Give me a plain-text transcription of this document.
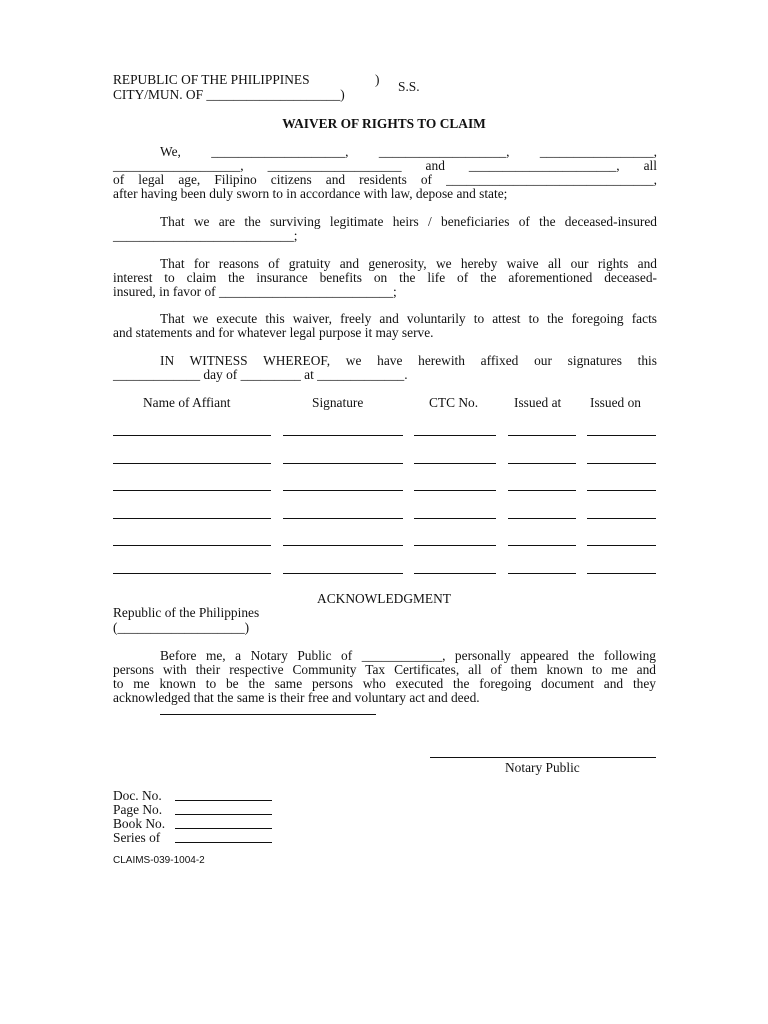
REPUBLIC OF THE PHILIPPINES	) S.S.
CITY/MUN. OF ____________________)
WAIVER OF RIGHTS TO CLAIM
We, ____________________, ___________________, _________________,
___________________, ____________________ and ______________________, all
of legal age, Filipino citizens and residents of _______________________________,
after having been duly sworn to in accordance with law, depose and state;
That we are the surviving legitimate heirs / beneficiaries of the deceased-insured
___________________________;
That for reasons of gratuity and generosity, we hereby waive all our rights and
interest to claim the insurance benefits on the life of the aforementioned deceased-
insured, in favor of __________________________;
That we execute this waiver, freely and voluntarily to attest to the foregoing facts
and statements and for whatever legal purpose it may serve.
IN WITNESS WHEREOF, we have herewith affixed our signatures this
_____________ day of _________ at _____________.
Name of Affiant	Signature	CTC No.	Issued at Issued on
ACKNOWLEDGMENT
Republic of the Philippines
(___________________)
Before me, a Notary Public of ____________, personally appeared the following
persons with their respective Community Tax Certificates, all of them known to me and
to me known to be the same persons who executed the foregoing document and they
acknowledged that the same is their free and voluntary act and deed.
Notary Public
Doc. No.
Page No.
Book No.
Series of
CLAIMS-039-1004-2
